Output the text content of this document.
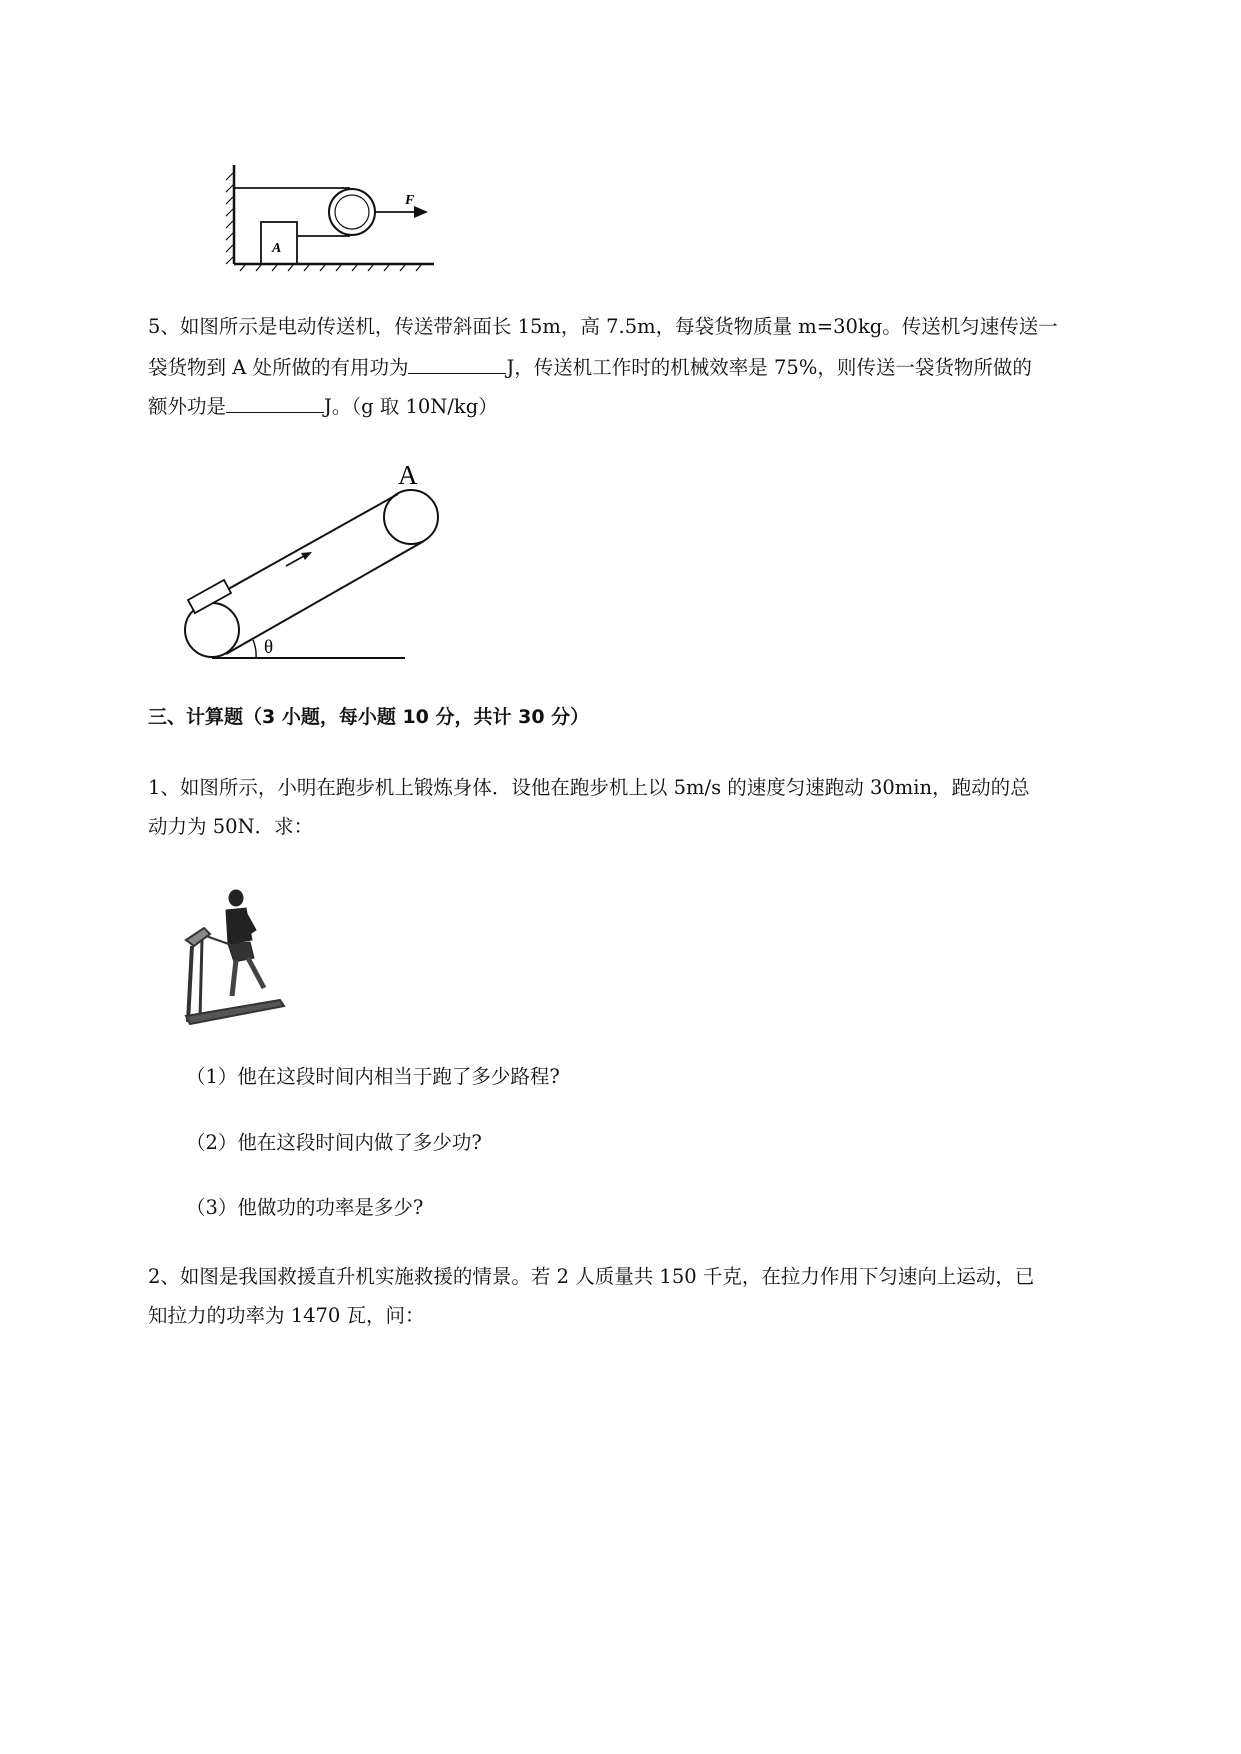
A
F
5、如图所示是电动传送机，传送带斜面长 15m，高 7.5m，每袋货物质量 m=30kg。传送机匀速传送一
袋货物到 A 处所做的有用功为	J，传送机工作时的机械效率是 75%，则传送一袋货物所做的
额外功是	J。（g 取 10N/kg）
A
θ
三、计算题（3 小题，每小题 10 分，共计 30 分）
1、如图所示，小明在跑步机上锻炼身体．设他在跑步机上以 5m/s 的速度匀速跑动 30min，跑动的总
动力为 50N．求：
（1）他在这段时间内相当于跑了多少路程?
（2）他在这段时间内做了多少功?
（3）他做功的功率是多少?
2、如图是我国救援直升机实施救援的情景。若 2 人质量共 150 千克，在拉力作用下匀速向上运动，已
知拉力的功率为 1470 瓦，问：
